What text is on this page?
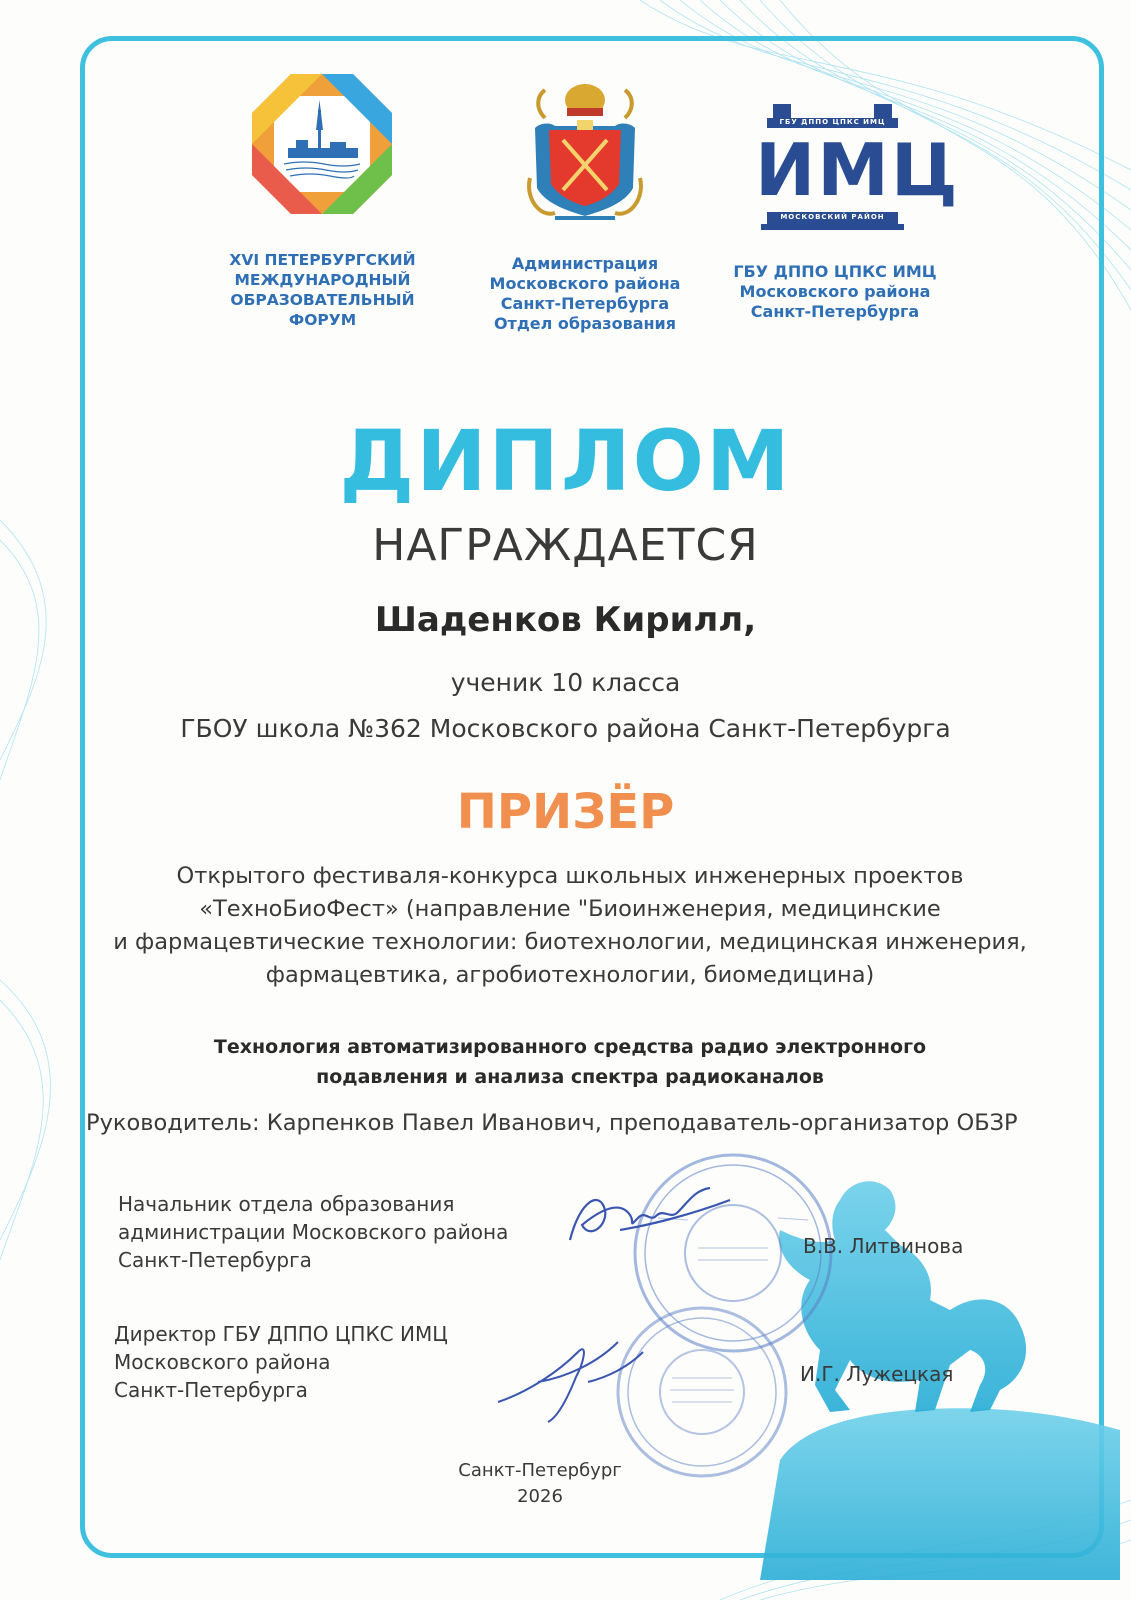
ГБУ ДППО ЦПКС ИМЦ
ИМЦ
МОСКОВСКИЙ РАЙОН
XVI ПЕТЕРБУРГСКИЙ
МЕЖДУНАРОДНЫЙ
ОБРАЗОВАТЕЛЬНЫЙ
ФОРУМ
Администрация
Московского района
Санкт-Петербурга
Отдел образования
ГБУ ДППО ЦПКС ИМЦ
Московского района
Санкт-Петербурга
ДИПЛОМ
НАГРАЖДАЕТСЯ
Шаденков Кирилл,
ученик 10 класса
ГБОУ школа №362 Московского района Санкт-Петербурга
ПРИЗЁР
Открытого фестиваля-конкурса школьных инженерных проектов
«ТехноБиоФест» (направление "Биоинженерия, медицинские
и фармацевтические технологии: биотехнологии, медицинская инженерия,
фармацевтика, агробиотехнологии, биомедицина)
Технология автоматизированного средства радио электронного
подавления и анализа спектра радиоканалов
Руководитель: Карпенков Павел Иванович, преподаватель-организатор ОБЗР
Начальник отдела образования
администрации Московского района
Санкт-Петербурга
В.В. Литвинова
Директор ГБУ ДППО ЦПКС ИМЦ
Московского района
Санкт-Петербурга
И.Г. Лужецкая
Санкт-Петербург
2026
